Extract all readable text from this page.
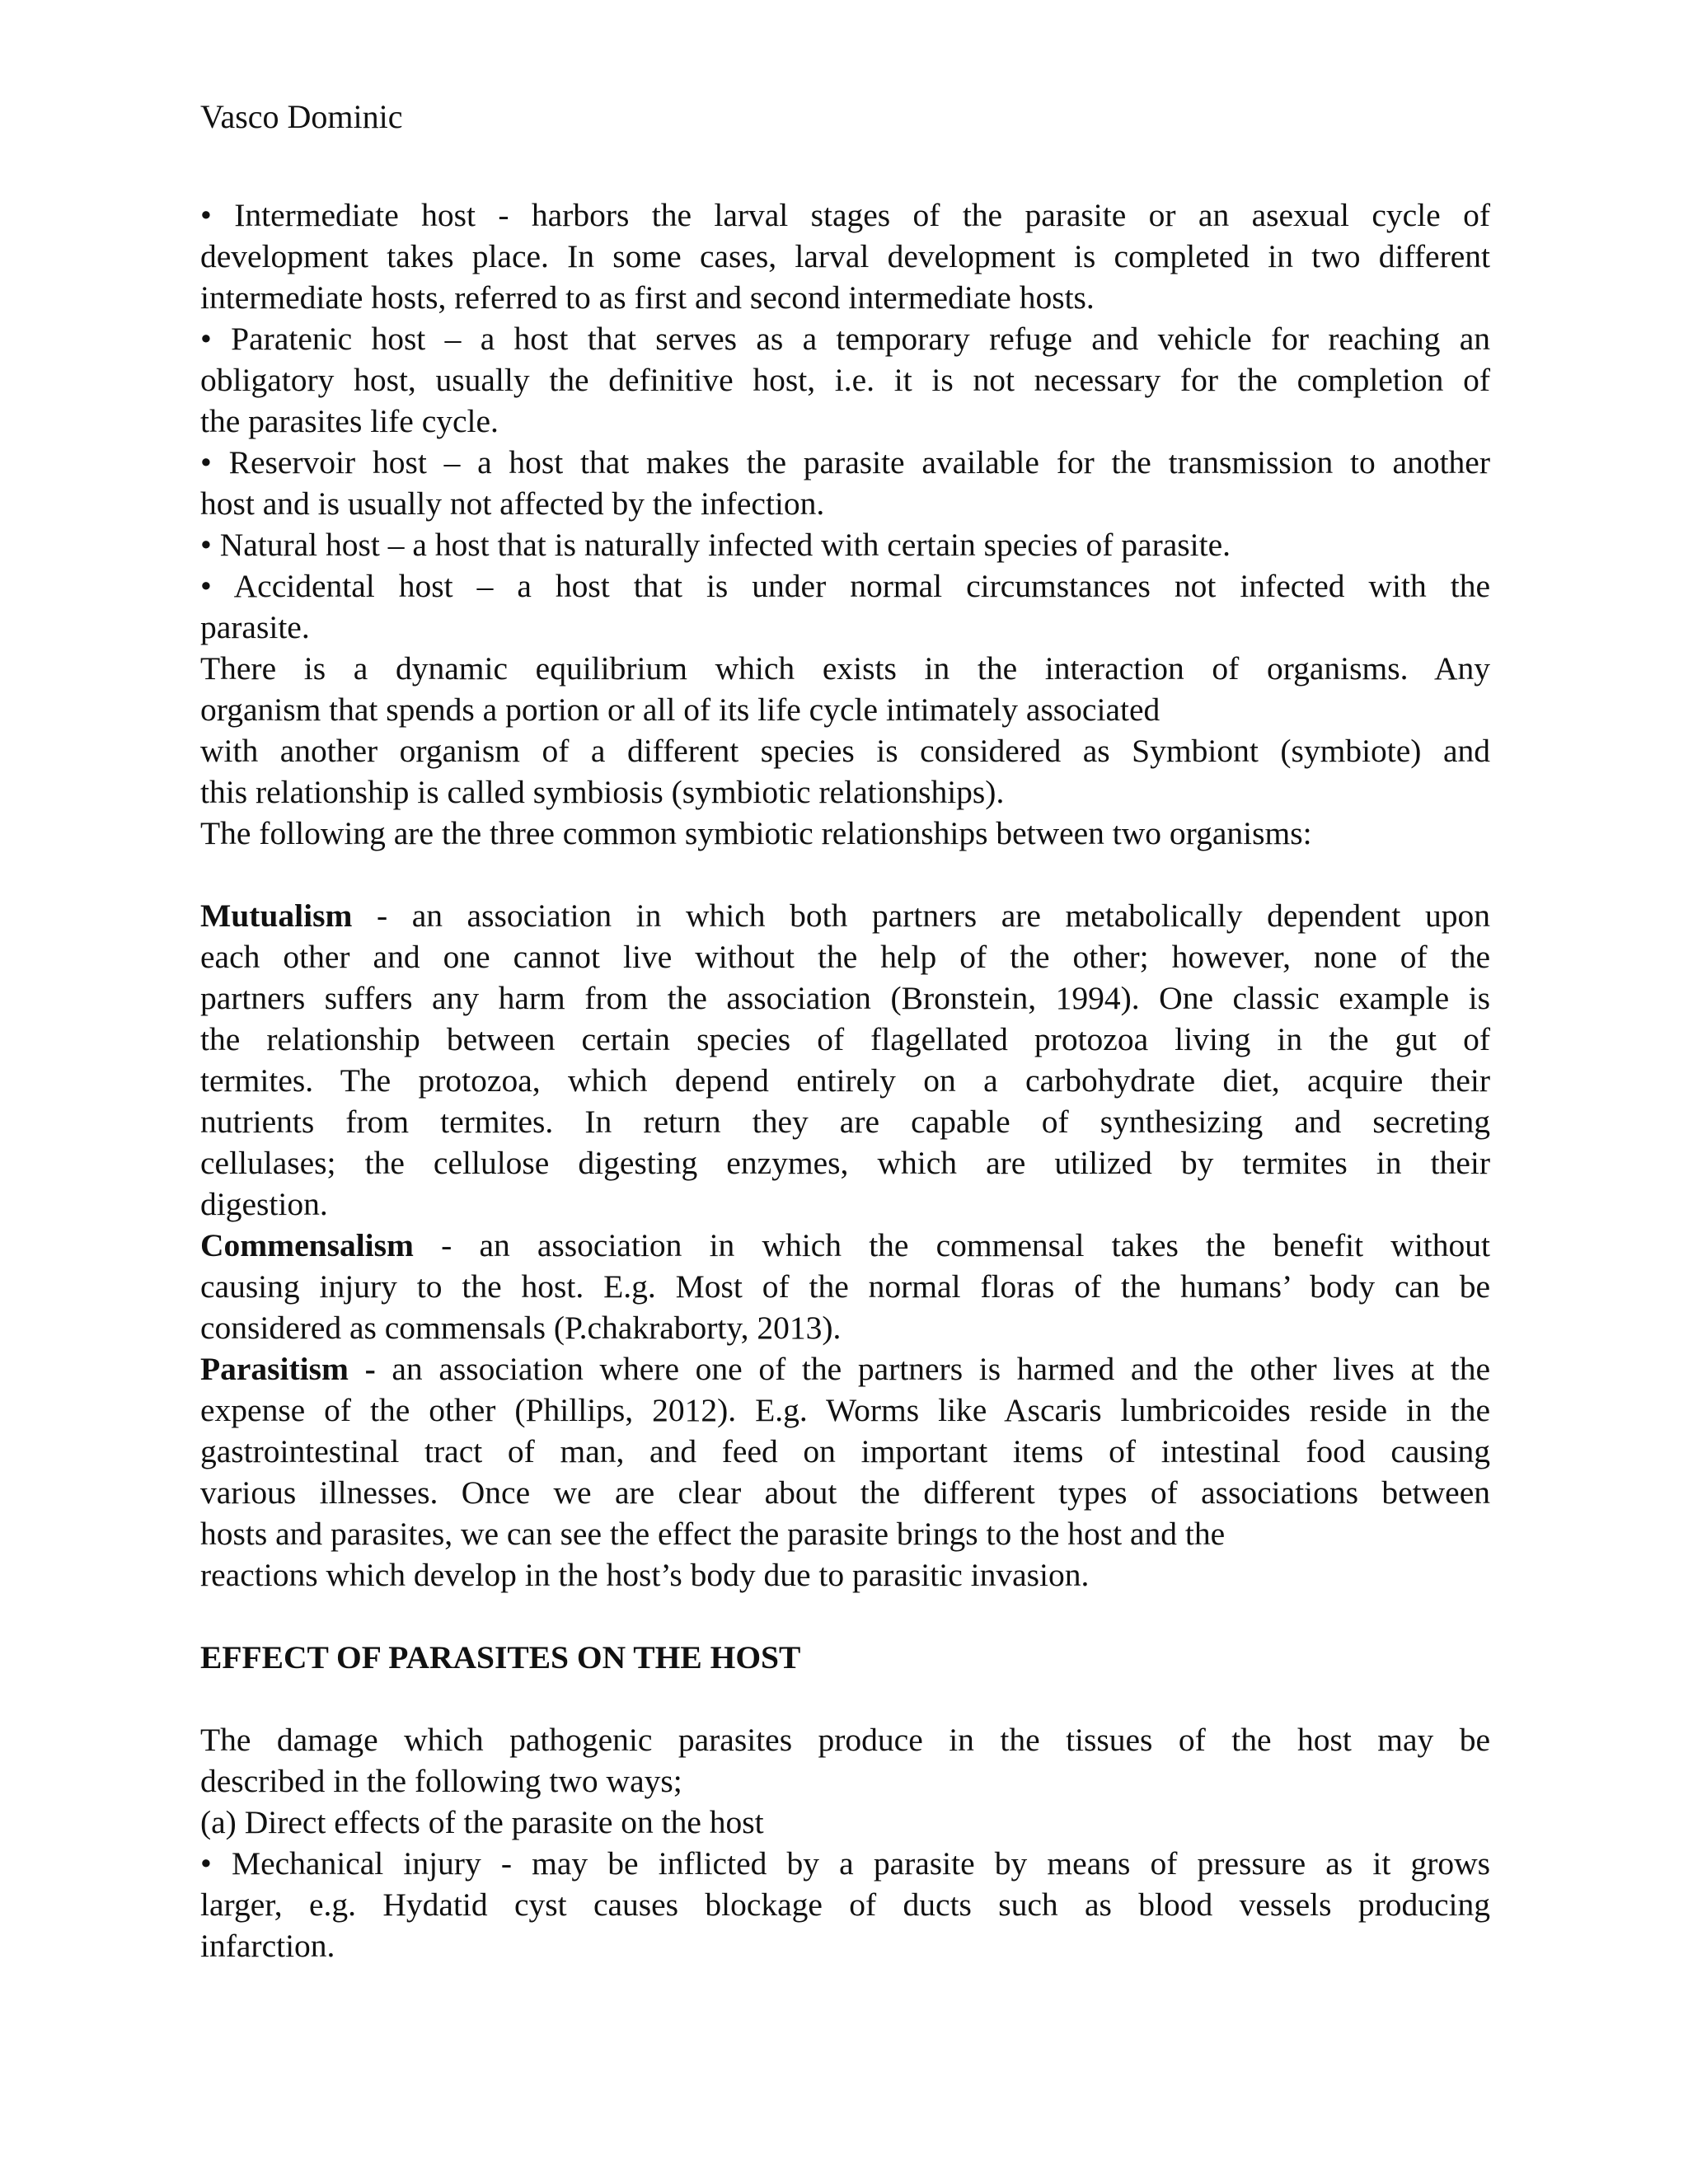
Vasco Dominic

• Intermediate host - harbors the larval stages of the parasite or an asexual cycle of

development takes place. In some cases, larval development is completed in two different

intermediate hosts, referred to as first and second intermediate hosts.

• Paratenic host – a host that serves as a temporary refuge and vehicle for reaching an

obligatory host, usually the definitive host, i.e. it is not necessary for the completion of

the parasites life cycle.

• Reservoir host – a host that makes the parasite available for the transmission to another

host and is usually not affected by the infection.

• Natural host – a host that is naturally infected with certain species of parasite.

• Accidental host – a host that is under normal circumstances not infected with the

parasite.

There is a dynamic equilibrium which exists in the interaction of organisms. Any

organism that spends a portion or all of its life cycle intimately associated

with another organism of a different species is considered as Symbiont (symbiote) and

this relationship is called symbiosis (symbiotic relationships).

The following are the three common symbiotic relationships between two organisms:

Mutualism - an association in which both partners are metabolically dependent upon

each other and one cannot live without the help of the other; however, none of the

partners suffers any harm from the association (Bronstein, 1994). One classic example is

the relationship between certain species of flagellated protozoa living in the gut of

termites. The protozoa, which depend entirely on a carbohydrate diet, acquire their

nutrients from termites. In return they are capable of synthesizing and secreting

cellulases; the cellulose digesting enzymes, which are utilized by termites in their

digestion.

Commensalism - an association in which the commensal takes the benefit without

causing injury to the host. E.g. Most of the normal floras of the humans’ body can be

considered as commensals (P.chakraborty, 2013).

Parasitism - an association where one of the partners is harmed and the other lives at the

expense of the other (Phillips, 2012). E.g. Worms like Ascaris lumbricoides reside in the

gastrointestinal tract of man, and feed on important items of intestinal food causing

various illnesses. Once we are clear about the different types of associations between

hosts and parasites, we can see the effect the parasite brings to the host and the

reactions which develop in the host’s body due to parasitic invasion.

EFFECT OF PARASITES ON THE HOST

The damage which pathogenic parasites produce in the tissues of the host may be

described in the following two ways;

(a) Direct effects of the parasite on the host

• Mechanical injury - may be inflicted by a parasite by means of pressure as it grows

larger, e.g. Hydatid cyst causes blockage of ducts such as blood vessels producing

infarction.
